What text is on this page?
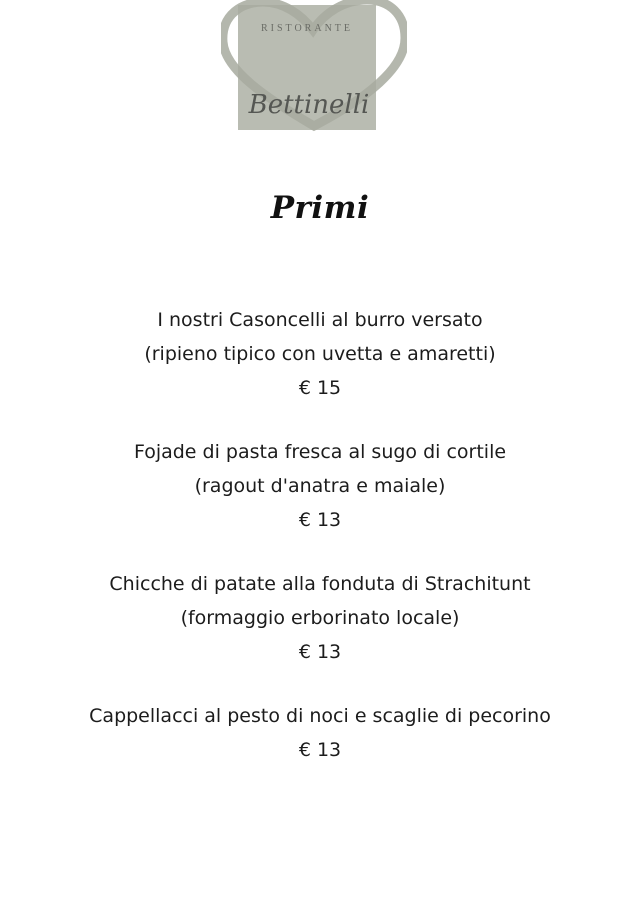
RISTORANTE
Bettinelli
Primi
I nostri Casoncelli al burro versato
(ripieno tipico con uvetta e amaretti)
€ 15
Fojade di pasta fresca al sugo di cortile
(ragout d'anatra e maiale)
€ 13
Chicche di patate alla fonduta di Strachitunt
(formaggio erborinato locale)
€ 13
Cappellacci al pesto di noci e scaglie di pecorino
€ 13
